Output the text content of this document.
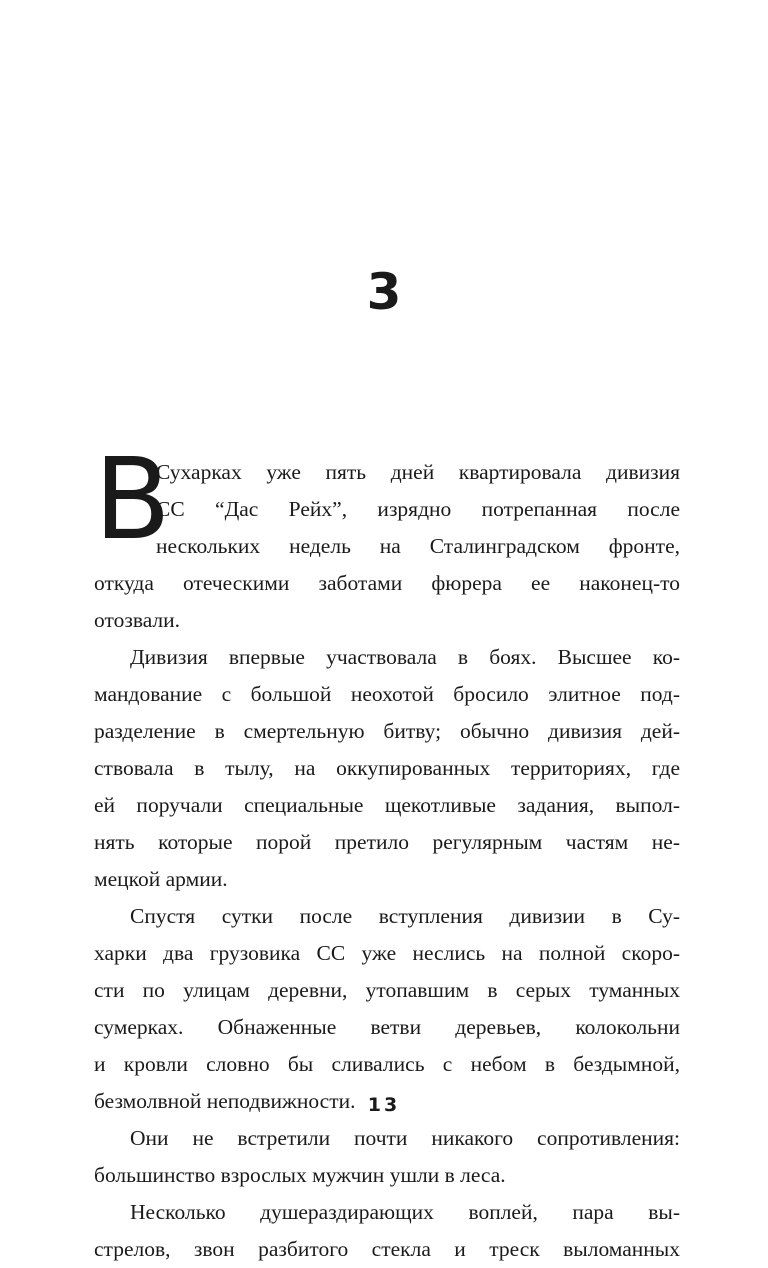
3
В

Сухарках уже пять дней квартировала дивизия
СС “Дас Рейх”, изрядно потрепанная после
нескольких недель на Сталинградском фронте,
откуда отеческими заботами фюрера ее наконец-то
отозвали.

Дивизия впервые участвовала в боях. Высшее ко-
мандование с большой неохотой бросило элитное под-
разделение в смертельную битву; обычно дивизия дей-
ствовала в тылу, на оккупированных территориях, где
ей поручали специальные щекотливые задания, выпол-
нять которые порой претило регулярным частям не-
мецкой армии.

Спустя сутки после вступления дивизии в Су-
харки два грузовика СС уже неслись на полной скоро-
сти по улицам деревни, утопавшим в серых туманных
сумерках. Обнаженные ветви деревьев, колокольни
и кровли словно бы сливались с небом в бездымной,
безмолвной неподвижности.

Они не встретили почти никакого сопротивления:
большинство взрослых мужчин ушли в леса.

Несколько душераздирающих воплей, пара вы-
стрелов, звон разбитого стекла и треск выломанных

13
